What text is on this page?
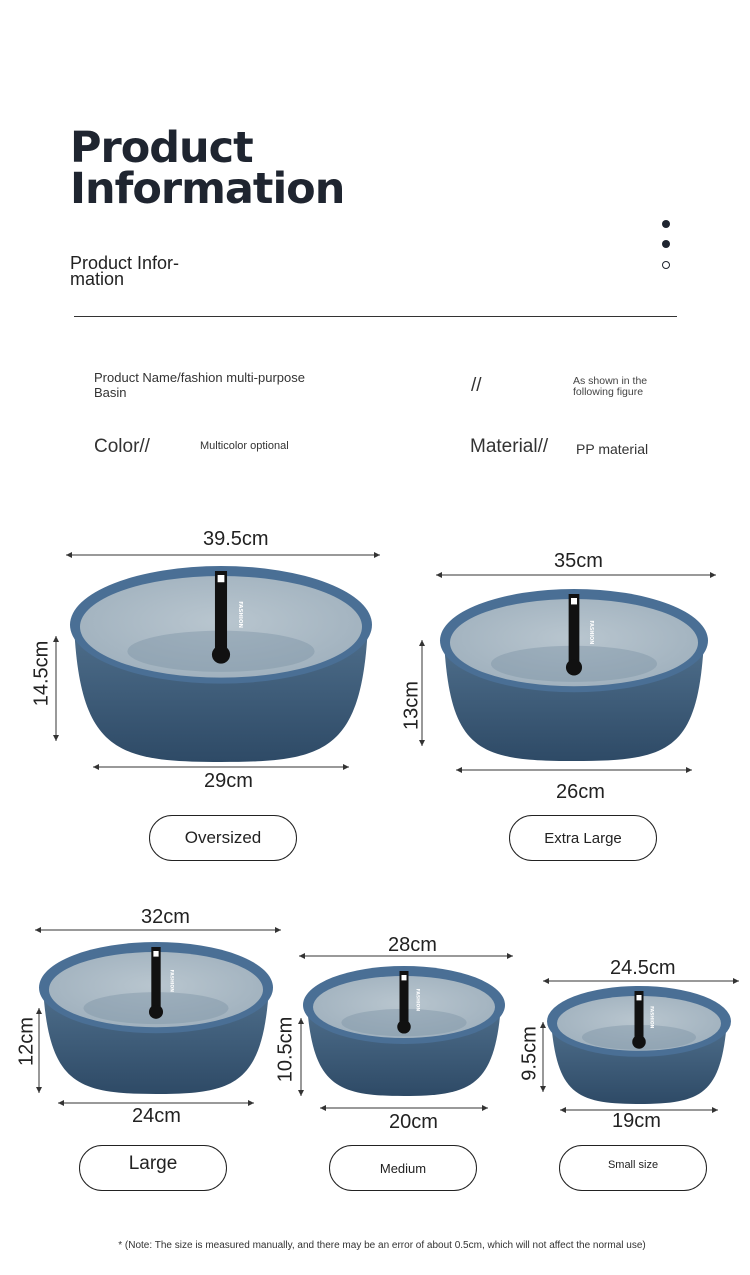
Product
Information
Product Infor-
mation
Product Name/fashion multi-purpose
Basin	//	As shown in the
following figure
Color//	Multicolor optional	Material// PP material
FASHION
FASHION
FASHION
FASHION
FASHION
39.5cm
14.5cm
29cm
Oversized
35cm
13cm
26cm
Extra Large
32cm
12cm
24cm
Large
28cm
10.5cm
20cm
Medium
24.5cm
9.5cm
19cm
Small size
* (Note: The size is measured manually, and there may be an error of about 0.5cm, which will not affect the normal use)
